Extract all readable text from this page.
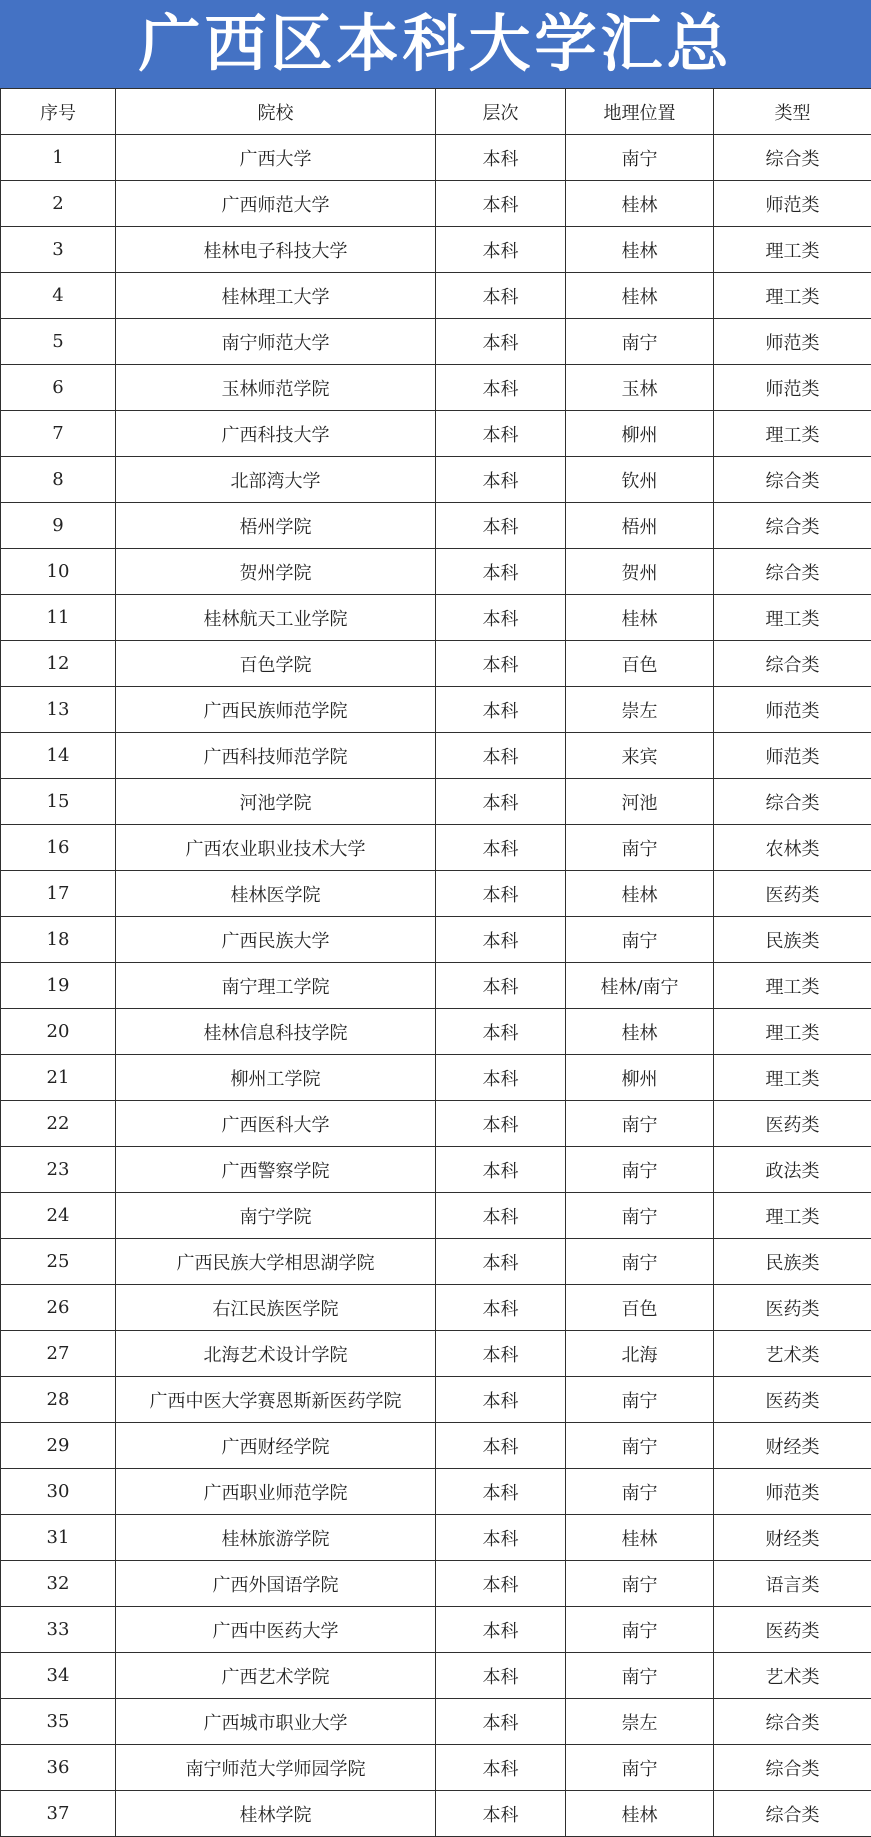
广西区本科大学汇总
序号	院校	层次	地理位置	类型
1	广西大学	本科	南宁	综合类
2	广西师范大学	本科	桂林	师范类
3	桂林电子科技大学	本科	桂林	理工类
4	桂林理工大学	本科	桂林	理工类
5	南宁师范大学	本科	南宁	师范类
6	玉林师范学院	本科	玉林	师范类
7	广西科技大学	本科	柳州	理工类
8	北部湾大学	本科	钦州	综合类
9	梧州学院	本科	梧州	综合类
10	贺州学院	本科	贺州	综合类
11	桂林航天工业学院	本科	桂林	理工类
12	百色学院	本科	百色	综合类
13	广西民族师范学院	本科	崇左	师范类
14	广西科技师范学院	本科	来宾	师范类
15	河池学院	本科	河池	综合类
16	广西农业职业技术大学	本科	南宁	农林类
17	桂林医学院	本科	桂林	医药类
18	广西民族大学	本科	南宁	民族类
19	南宁理工学院	本科	桂林/南宁	理工类
20	桂林信息科技学院	本科	桂林	理工类
21	柳州工学院	本科	柳州	理工类
22	广西医科大学	本科	南宁	医药类
23	广西警察学院	本科	南宁	政法类
24	南宁学院	本科	南宁	理工类
25	广西民族大学相思湖学院	本科	南宁	民族类
26	右江民族医学院	本科	百色	医药类
27	北海艺术设计学院	本科	北海	艺术类
28	广西中医大学赛恩斯新医药学院	本科	南宁	医药类
29	广西财经学院	本科	南宁	财经类
30	广西职业师范学院	本科	南宁	师范类
31	桂林旅游学院	本科	桂林	财经类
32	广西外国语学院	本科	南宁	语言类
33	广西中医药大学	本科	南宁	医药类
34	广西艺术学院	本科	南宁	艺术类
35	广西城市职业大学	本科	崇左	综合类
36	南宁师范大学师园学院	本科	南宁	综合类
37	桂林学院	本科	桂林	综合类
